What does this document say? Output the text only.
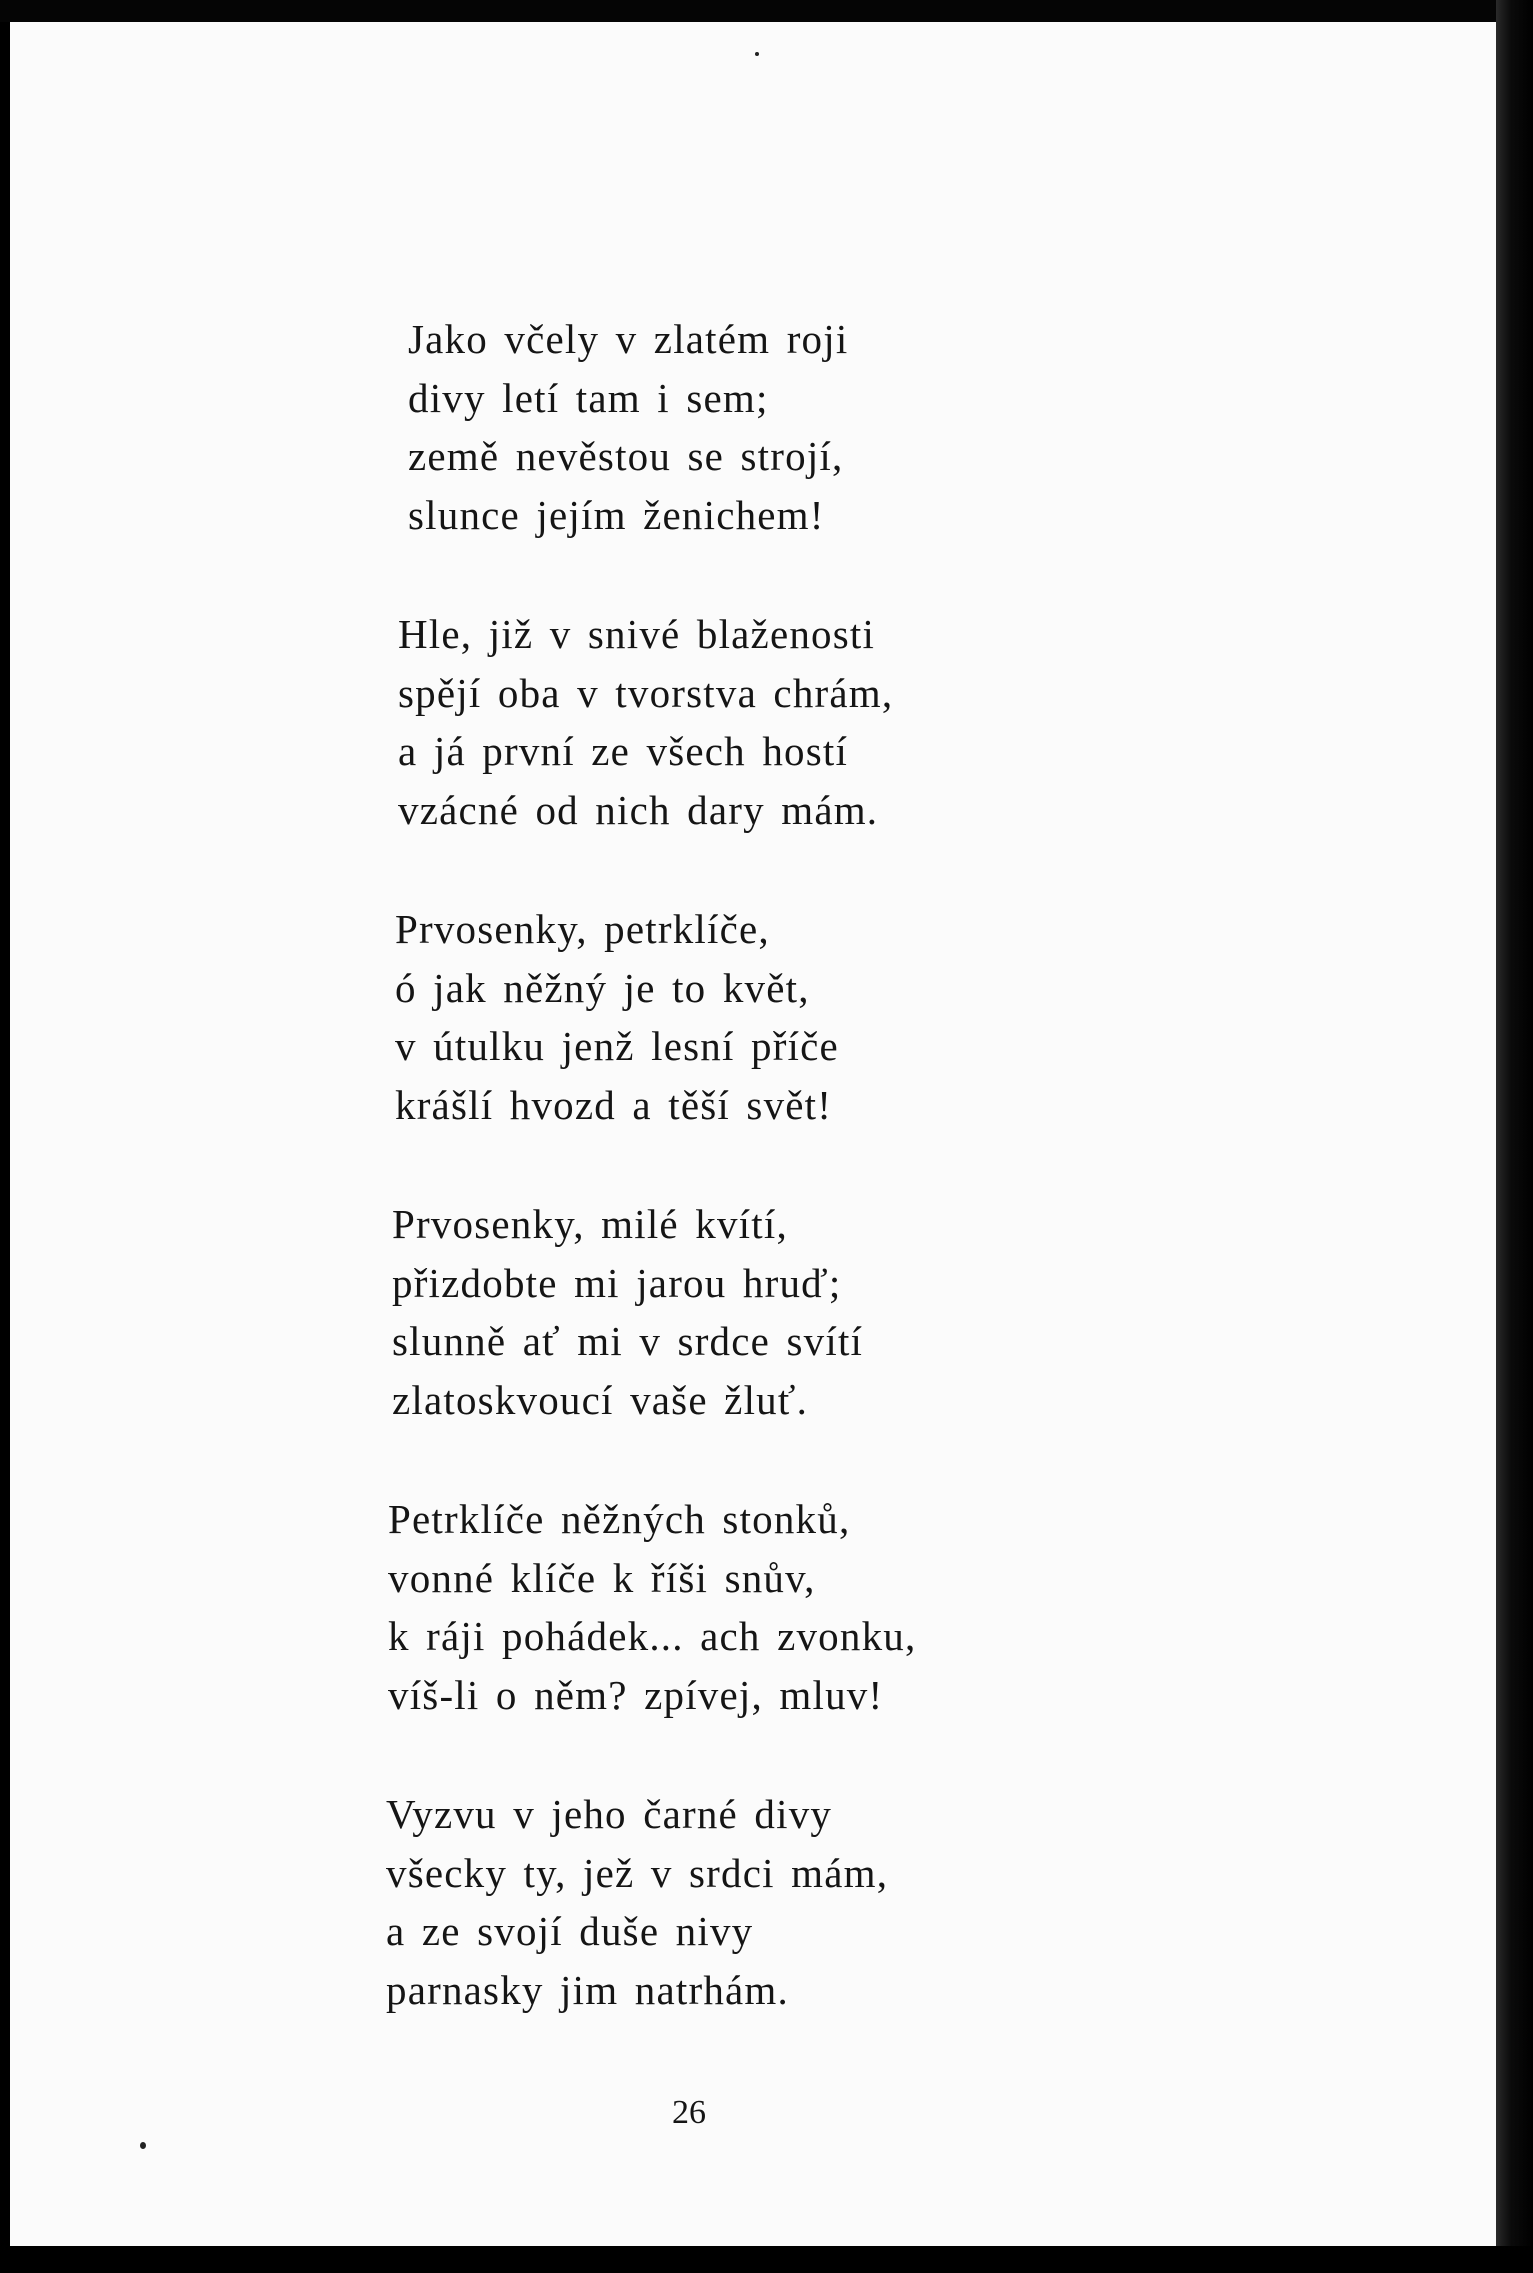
Jako včely v zlatém roji
divy letí tam i sem;
země nevěstou se strojí,
slunce jejím ženichem!
Hle, již v snivé blaženosti
spějí oba v tvorstva chrám,
a já první ze všech hostí
vzácné od nich dary mám.
Prvosenky, petrklíče,
ó jak něžný je to květ,
v útulku jenž lesní příče
krášlí hvozd a těší svět!
Prvosenky, milé kvítí,
přizdobte mi jarou hruď;
slunně ať mi v srdce svítí
zlatoskvoucí vaše žluť.
Petrklíče něžných stonků,
vonné klíče k říši snův,
k ráji pohádek... ach zvonku,
víš-li o něm? zpívej, mluv!
Vyzvu v jeho čarné divy
všecky ty, jež v srdci mám,
a ze svojí duše nivy
parnasky jim natrhám.
26
